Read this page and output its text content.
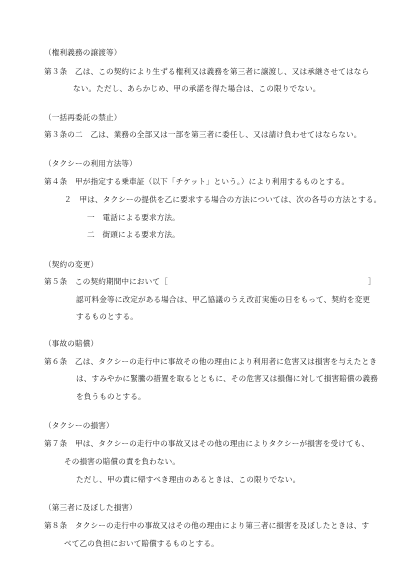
（権利義務の譲渡等）
第３条　乙は、この契約により生ずる権利又は義務を第三者に譲渡し、又は承継させてはなら
ない。ただし、あらかじめ、甲の承諾を得た場合は、この限りでない。
（一括再委託の禁止）
第３条の二　乙は、業務の全部又は一部を第三者に委任し、又は請け負わせてはならない。
（タクシーの利用方法等）
第４条　甲が指定する乗車証（以下「チケット」という。）により利用するものとする。
２　甲は、タクシーの提供を乙に要求する場合の方法については、次の各号の方法とする。
一　電話による要求方法。
二　街頭による要求方法。
（契約の変更）
第５条　この契約期間中において［	］
認可料金等に改定がある場合は、甲乙協議のうえ改訂実施の日をもって、契約を変更
するものとする。
（事故の賠償）
第６条　乙は、タクシーの走行中に事故その他の理由により利用者に危害又は損害を与えたとき
は、すみやかに緊騰の措置を取るとともに、その危害又は損傷に対して損害賠償の義務
を負うものとする。
（タクシーの損害）
第７条　甲は、タクシーの走行中の事故又はその他の理由によりタクシーが損害を受けても、
その損害の賠償の責を負わない。
ただし、甲の責に帰すべき理由のあるときは、この限りでない。
（第三者に及ぼした損害）
第８条　タクシーの走行中の事故又はその他の理由により第三者に損害を及ぼしたときは、す
べて乙の負担において賠償するものとする。
